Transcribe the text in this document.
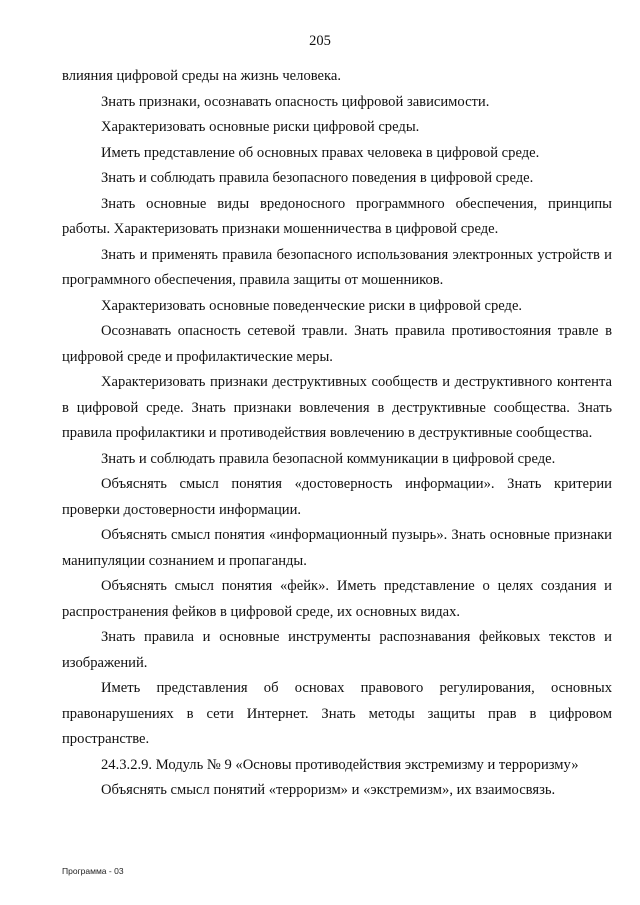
205

влияния цифровой среды на жизнь человека.

Знать признаки, осознавать опасность цифровой зависимости.

Характеризовать основные риски цифровой среды.

Иметь представление об основных правах человека в цифровой среде.

Знать и соблюдать правила безопасного поведения в цифровой среде.

Знать основные виды вредоносного программного обеспечения, принципы работы. Характеризовать признаки мошенничества в цифровой среде.

Знать и применять правила безопасного использования электронных устройств и программного обеспечения, правила защиты от мошенников.

Характеризовать основные поведенческие риски в цифровой среде.

Осознавать опасность сетевой травли. Знать правила противостояния травле в цифровой среде и профилактические меры.

Характеризовать признаки деструктивных сообществ и деструктивного контента в цифровой среде. Знать признаки вовлечения в деструктивные сообщества. Знать правила профилактики и противодействия вовлечению в деструктивные сообщества.

Знать и соблюдать правила безопасной коммуникации в цифровой среде.

Объяснять смысл понятия «достоверность информации». Знать критерии проверки достоверности информации.

Объяснять смысл понятия «информационный пузырь». Знать основные признаки манипуляции сознанием и пропаганды.

Объяснять смысл понятия «фейк». Иметь представление о целях создания и распространения фейков в цифровой среде, их основных видах.

Знать правила и основные инструменты распознавания фейковых текстов и изображений.

Иметь представления об основах правового регулирования, основных правонарушениях в сети Интернет. Знать методы защиты прав в цифровом пространстве.

24.3.2.9. Модуль № 9 «Основы противодействия экстремизму и терроризму»

Объяснять смысл понятий «терроризм» и «экстремизм», их взаимосвязь.

Программа - 03
